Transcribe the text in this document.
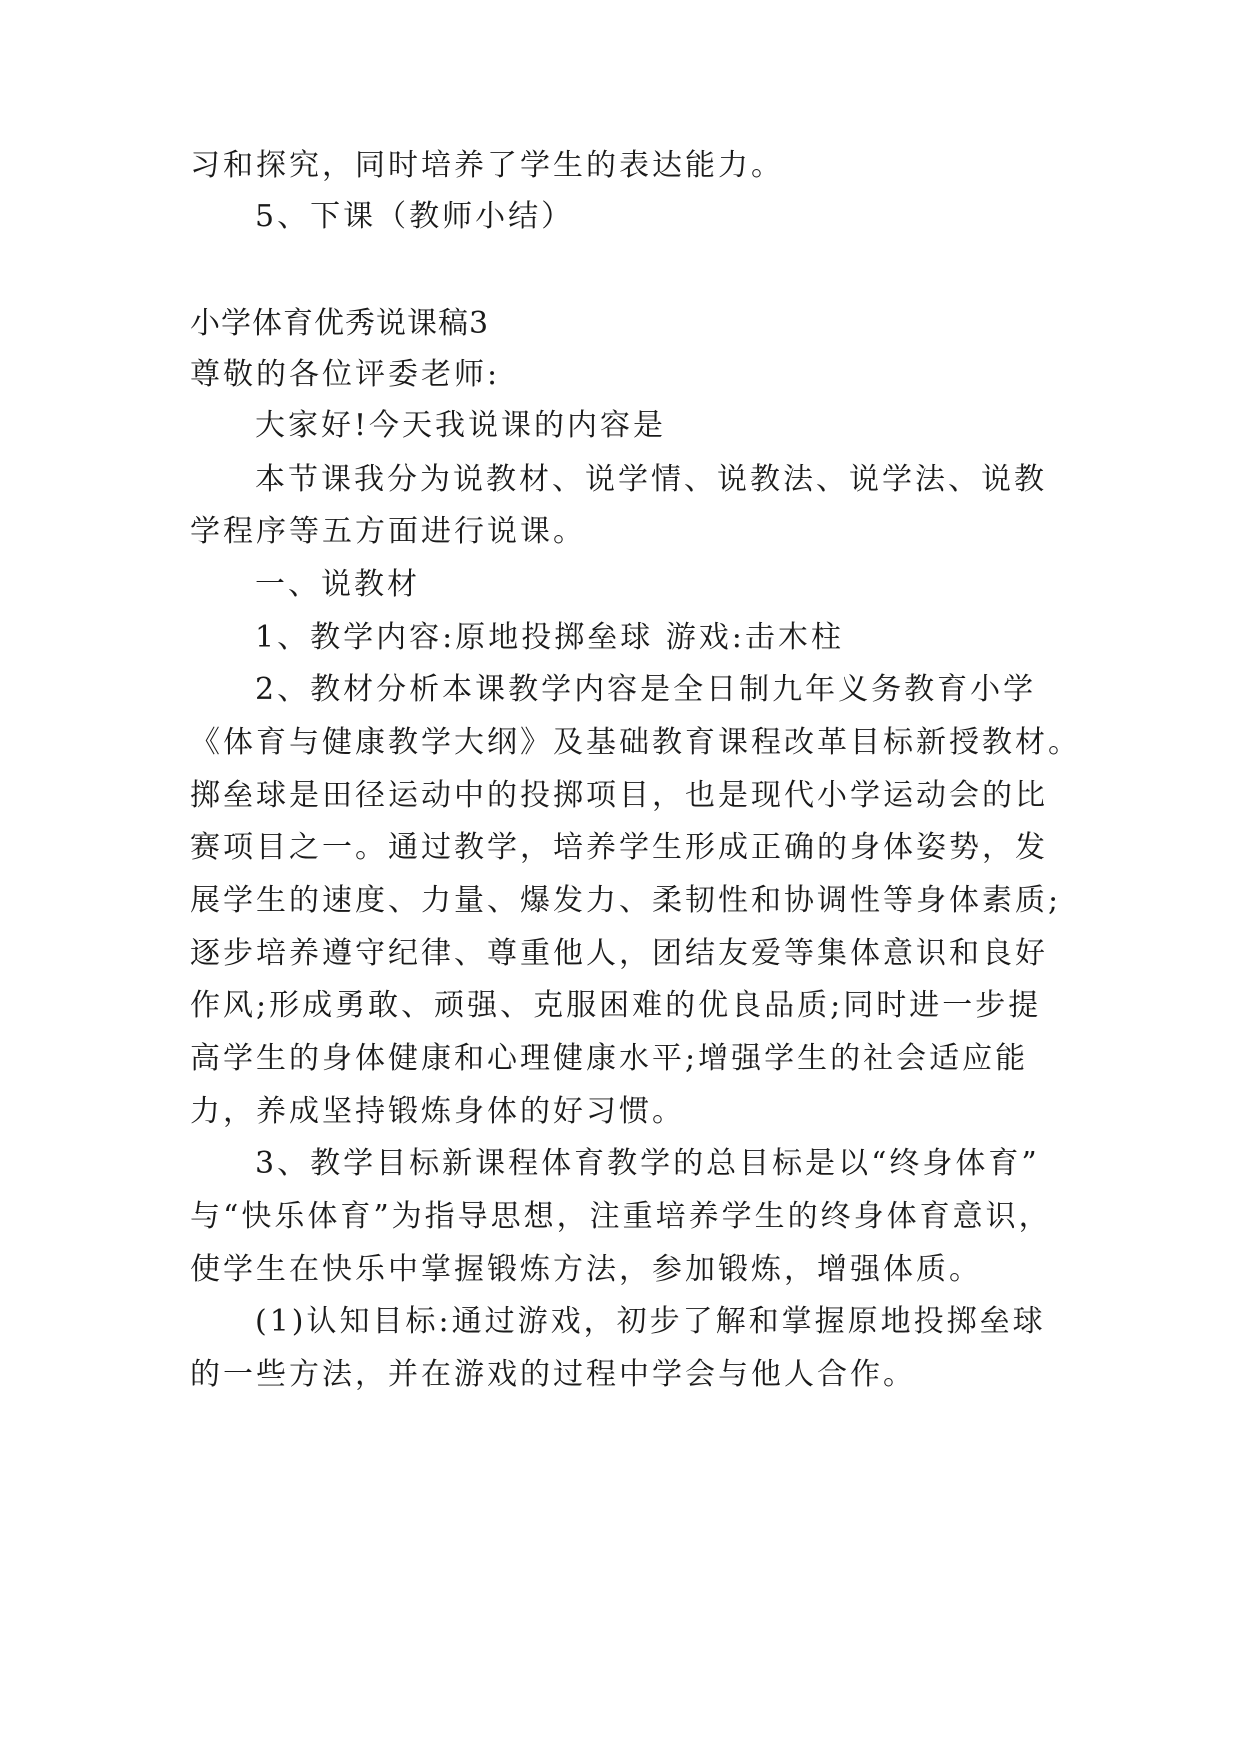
习和探究，同时培养了学生的表达能力。
5、下课（教师小结）
小学体育优秀说课稿3
尊敬的各位评委老师:
大家好!今天我说课的内容是
本节课我分为说教材、说学情、说教法、说学法、说教
学程序等五方面进行说课。
一、说教材
1、教学内容:原地投掷垒球 游戏:击木柱
2、教材分析本课教学内容是全日制九年义务教育小学
《体育与健康教学大纲》及基础教育课程改革目标新授教材。
掷垒球是田径运动中的投掷项目，也是现代小学运动会的比
赛项目之一。通过教学，培养学生形成正确的身体姿势，发
展学生的速度、力量、爆发力、柔韧性和协调性等身体素质;
逐步培养遵守纪律、尊重他人，团结友爱等集体意识和良好
作风;形成勇敢、顽强、克服困难的优良品质;同时进一步提
高学生的身体健康和心理健康水平;增强学生的社会适应能
力，养成坚持锻炼身体的好习惯。
3、教学目标新课程体育教学的总目标是以“终身体育”
与“快乐体育”为指导思想，注重培养学生的终身体育意识，
使学生在快乐中掌握锻炼方法，参加锻炼，增强体质。
(1)认知目标:通过游戏，初步了解和掌握原地投掷垒球
的一些方法，并在游戏的过程中学会与他人合作。
